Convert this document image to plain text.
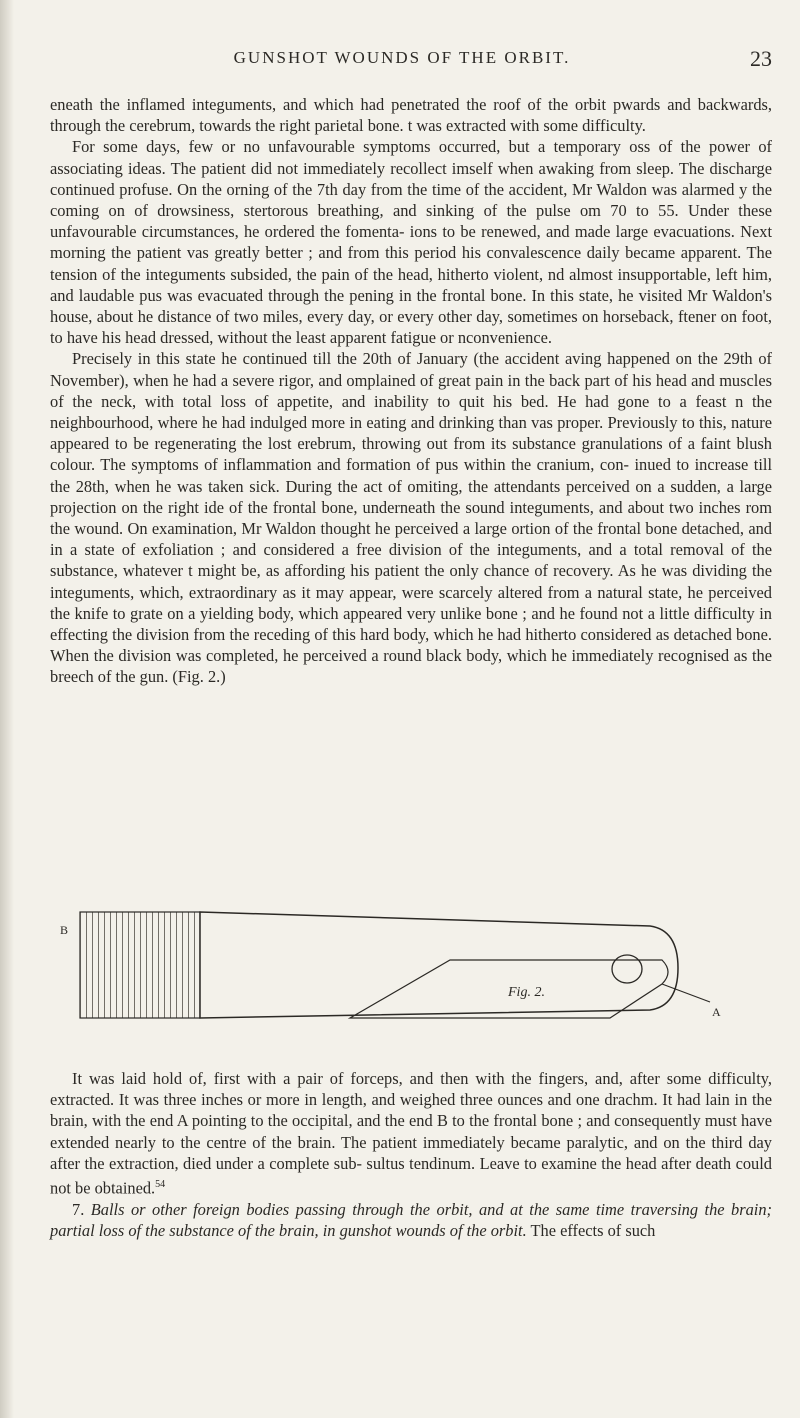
GUNSHOT WOUNDS OF THE ORBIT.	23

eneath the inflamed integuments, and which had penetrated the roof of the orbit pwards and backwards, through the cerebrum, towards the right parietal bone. t was extracted with some difficulty.

For some days, few or no unfavourable symptoms occurred, but a temporary oss of the power of associating ideas. The patient did not immediately recollect imself when awaking from sleep. The discharge continued profuse. On the orning of the 7th day from the time of the accident, Mr Waldon was alarmed y the coming on of drowsiness, stertorous breathing, and sinking of the pulse om 70 to 55. Under these unfavourable circumstances, he ordered the fomenta- ions to be renewed, and made large evacuations. Next morning the patient vas greatly better ; and from this period his convalescence daily became apparent. The tension of the integuments subsided, the pain of the head, hitherto violent, nd almost insupportable, left him, and laudable pus was evacuated through the pening in the frontal bone. In this state, he visited Mr Waldon's house, about he distance of two miles, every day, or every other day, sometimes on horseback, ftener on foot, to have his head dressed, without the least apparent fatigue or nconvenience.

Precisely in this state he continued till the 20th of January (the accident aving happened on the 29th of November), when he had a severe rigor, and omplained of great pain in the back part of his head and muscles of the neck, with total loss of appetite, and inability to quit his bed. He had gone to a feast n the neighbourhood, where he had indulged more in eating and drinking than vas proper. Previously to this, nature appeared to be regenerating the lost erebrum, throwing out from its substance granulations of a faint blush colour. The symptoms of inflammation and formation of pus within the cranium, con- inued to increase till the 28th, when he was taken sick. During the act of omiting, the attendants perceived on a sudden, a large projection on the right ide of the frontal bone, underneath the sound integuments, and about two inches rom the wound. On examination, Mr Waldon thought he perceived a large ortion of the frontal bone detached, and in a state of exfoliation ; and considered a free division of the integuments, and a total removal of the substance, whatever t might be, as affording his patient the only chance of recovery. As he was dividing the integuments, which, extraordinary as it may appear, were scarcely altered from a natural state, he perceived the knife to grate on a yielding body, which appeared very unlike bone ; and he found not a little difficulty in effecting the division from the receding of this hard body, which he had hitherto considered as detached bone. When the division was completed, he perceived a round black body, which he immediately recognised as the breech of the gun. (Fig. 2.)

Fig. 2.
B
A

It was laid hold of, first with a pair of forceps, and then with the fingers, and, after some difficulty, extracted. It was three inches or more in length, and weighed three ounces and one drachm. It had lain in the brain, with the end A pointing to the occipital, and the end B to the frontal bone ; and consequently must have extended nearly to the centre of the brain. The patient immediately became paralytic, and on the third day after the extraction, died under a complete sub- sultus tendinum. Leave to examine the head after death could not be obtained.$^{54}$

7. Balls or other foreign bodies passing through the orbit, and at the same time traversing the brain; partial loss of the substance of the brain, in gunshot wounds of the orbit. The effects of such
